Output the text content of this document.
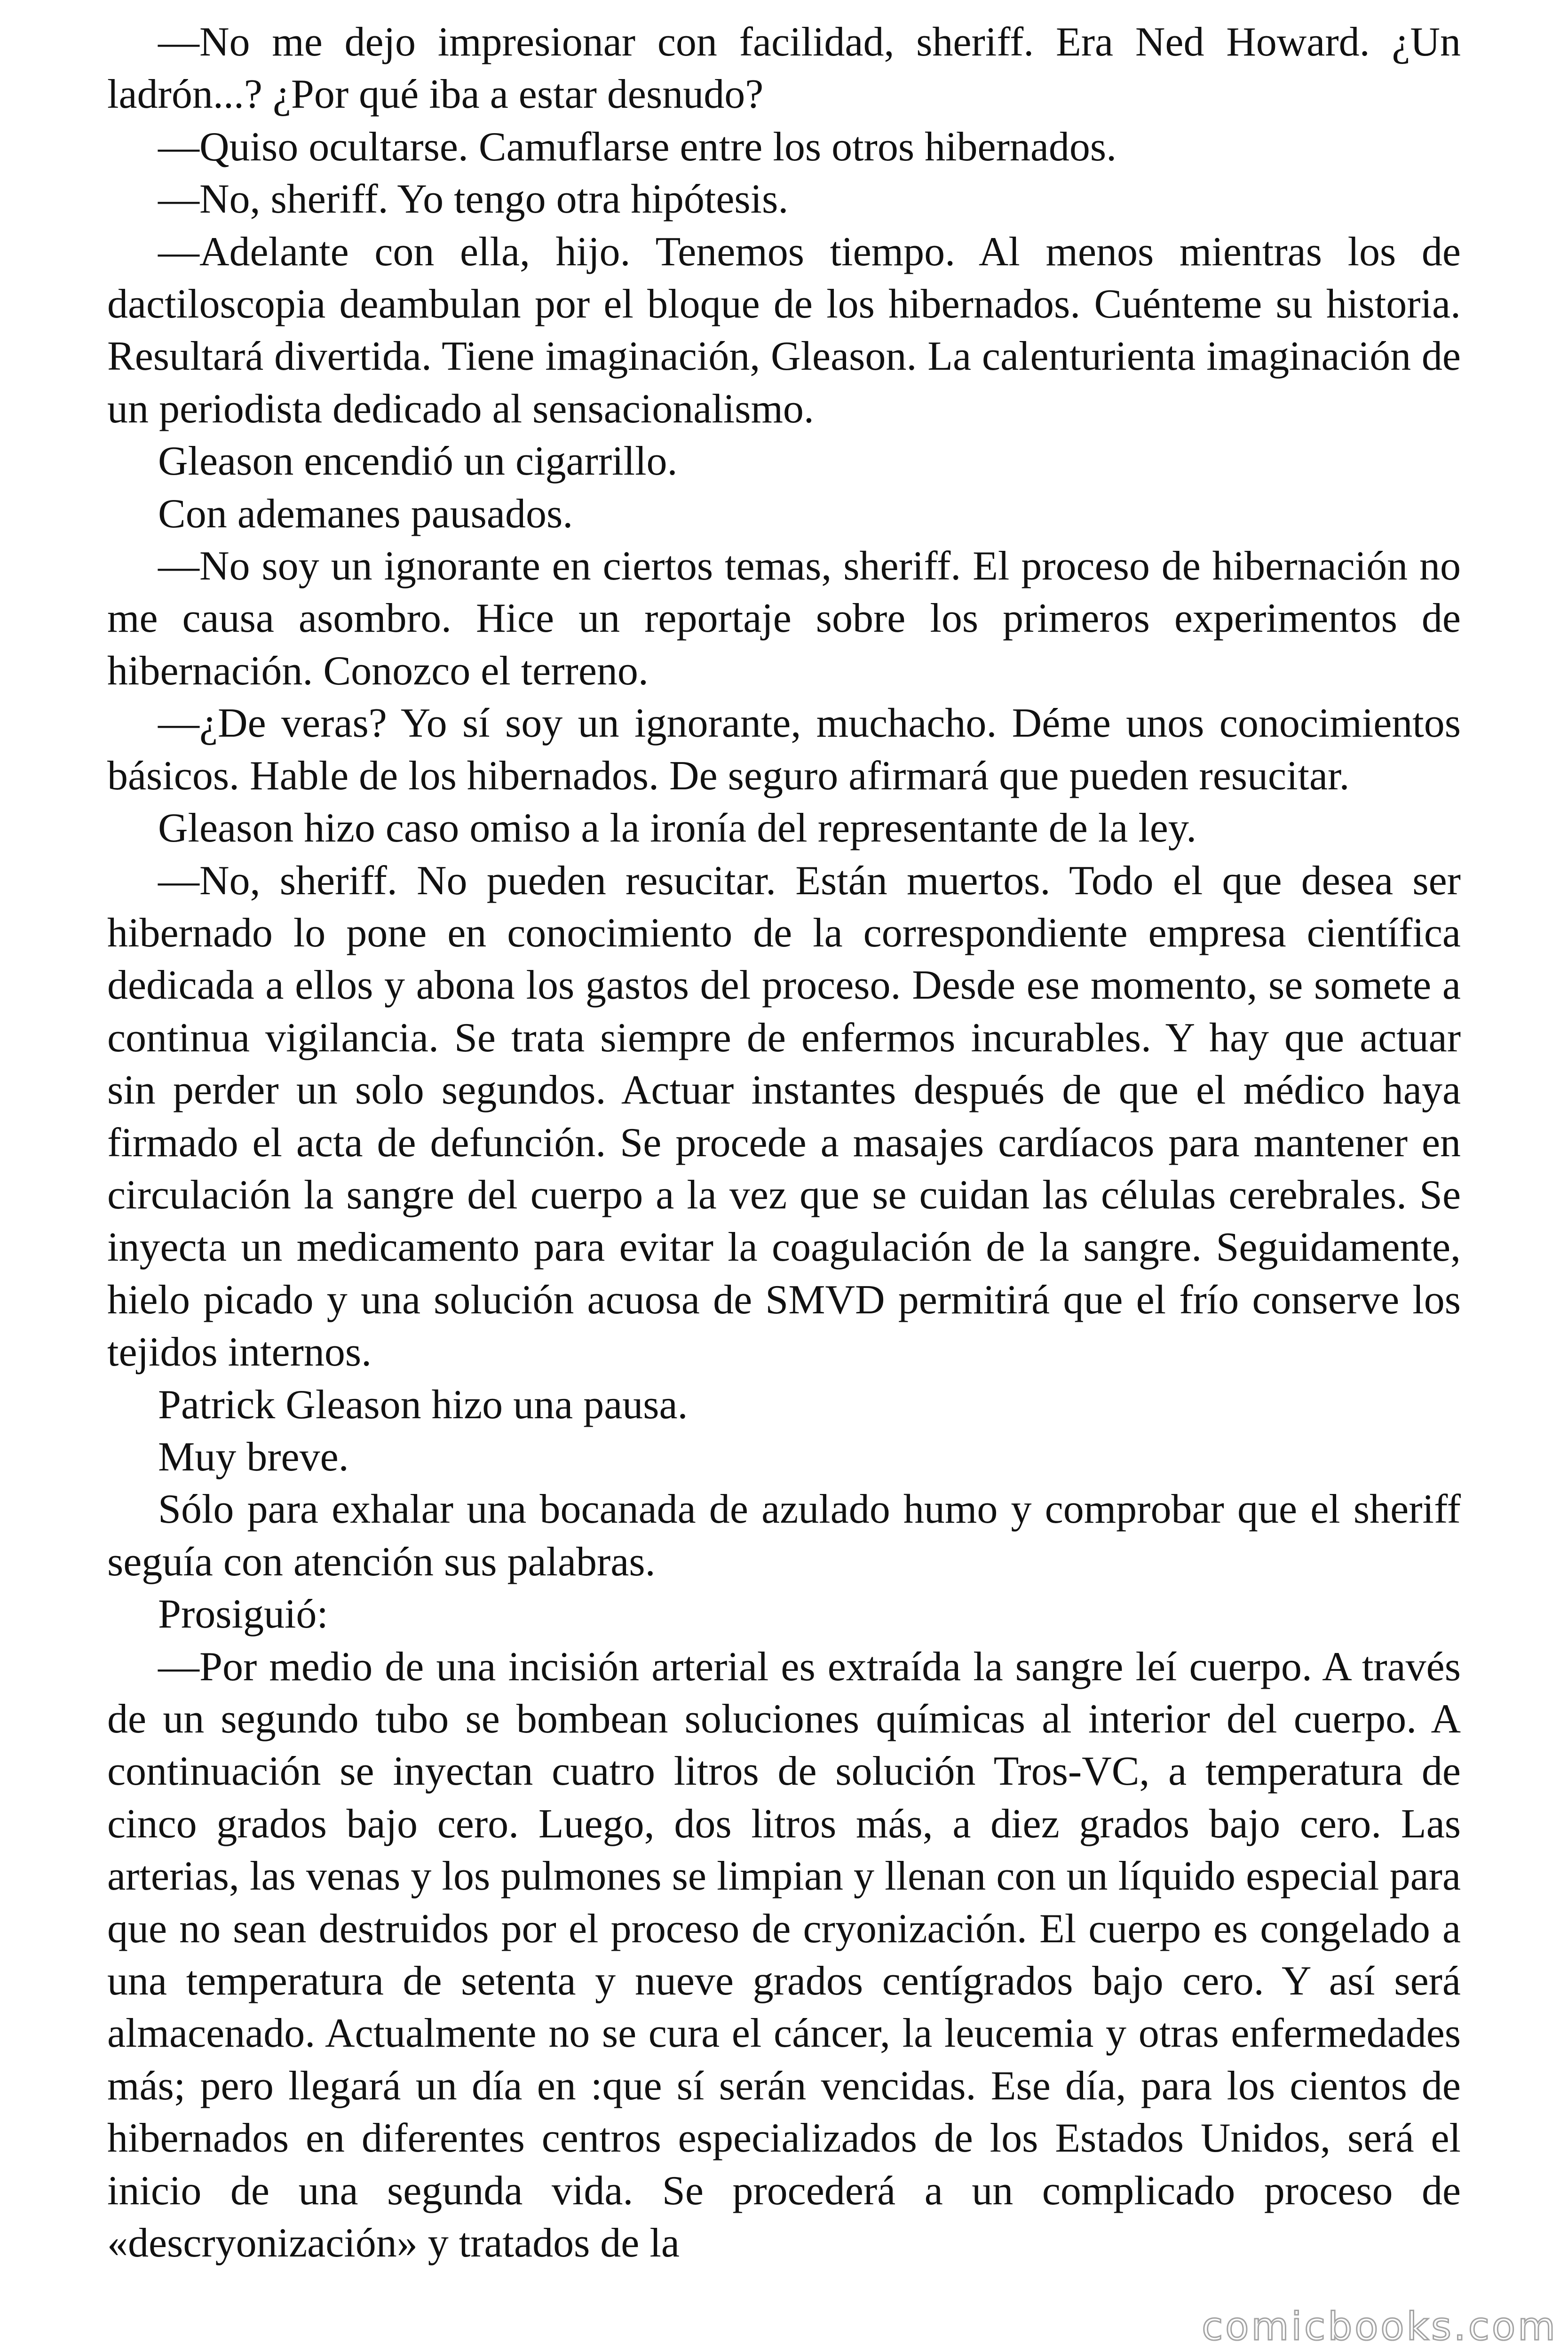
—No me dejo impresionar con facilidad, sheriff. Era Ned Howard. ¿Un ladrón...? ¿Por qué iba a estar desnudo?

—Quiso ocultarse. Camuflarse entre los otros hibernados.

—No, sheriff. Yo tengo otra hipótesis.

—Adelante con ella, hijo. Tenemos tiempo. Al menos mientras los de dactiloscopia deambulan por el bloque de los hibernados. Cuénteme su historia. Resultará divertida. Tiene imaginación, Gleason. La calenturienta imaginación de un periodista dedicado al sensacionalismo.

Gleason encendió un cigarrillo.

Con ademanes pausados.

—No soy un ignorante en ciertos temas, sheriff. El proceso de hibernación no me causa asombro. Hice un reportaje sobre los primeros experimentos de hibernación. Conozco el terreno.

—¿De veras? Yo sí soy un ignorante, muchacho. Déme unos conocimientos básicos. Hable de los hibernados. De seguro afirmará que pueden resucitar.

Gleason hizo caso omiso a la ironía del representante de la ley.

—No, sheriff. No pueden resucitar. Están muertos. Todo el que desea ser hibernado lo pone en conocimiento de la correspondiente empresa científica dedicada a ellos y abona los gastos del proceso. Desde ese momento, se somete a continua vigilancia. Se trata siempre de enfermos incurables. Y hay que actuar sin perder un solo segundos. Actuar instantes después de que el médico haya firmado el acta de defunción. Se procede a masajes cardíacos para mantener en circulación la sangre del cuerpo a la vez que se cuidan las células cerebrales. Se inyecta un medicamento para evitar la coagulación de la sangre. Seguidamente, hielo picado y una solución acuosa de SMVD permitirá que el frío conserve los tejidos internos.

Patrick Gleason hizo una pausa.

Muy breve.

Sólo para exhalar una bocanada de azulado humo y comprobar que el sheriff seguía con atención sus palabras.

Prosiguió:

—Por medio de una incisión arterial es extraída la sangre leí cuerpo. A través de un segundo tubo se bombean soluciones químicas al interior del cuerpo. A continuación se inyectan cuatro litros de solución Tros-VC, a temperatura de cinco grados bajo cero. Luego, dos litros más, a diez grados bajo cero. Las arterias, las venas y los pulmones se limpian y llenan con un líquido especial para que no sean destruidos por el proceso de cryonización. El cuerpo es congelado a una temperatura de setenta y nueve grados centígrados bajo cero. Y así será almacenado. Actualmente no se cura el cáncer, la leucemia y otras enfermedades más; pero llegará un día en :que sí serán vencidas. Ese día, para los cientos de hibernados en diferentes centros especializados de los Estados Unidos, será el inicio de una segunda vida. Se procederá a un complicado proceso de «descryonización» y tratados de la

comicbooks.com
